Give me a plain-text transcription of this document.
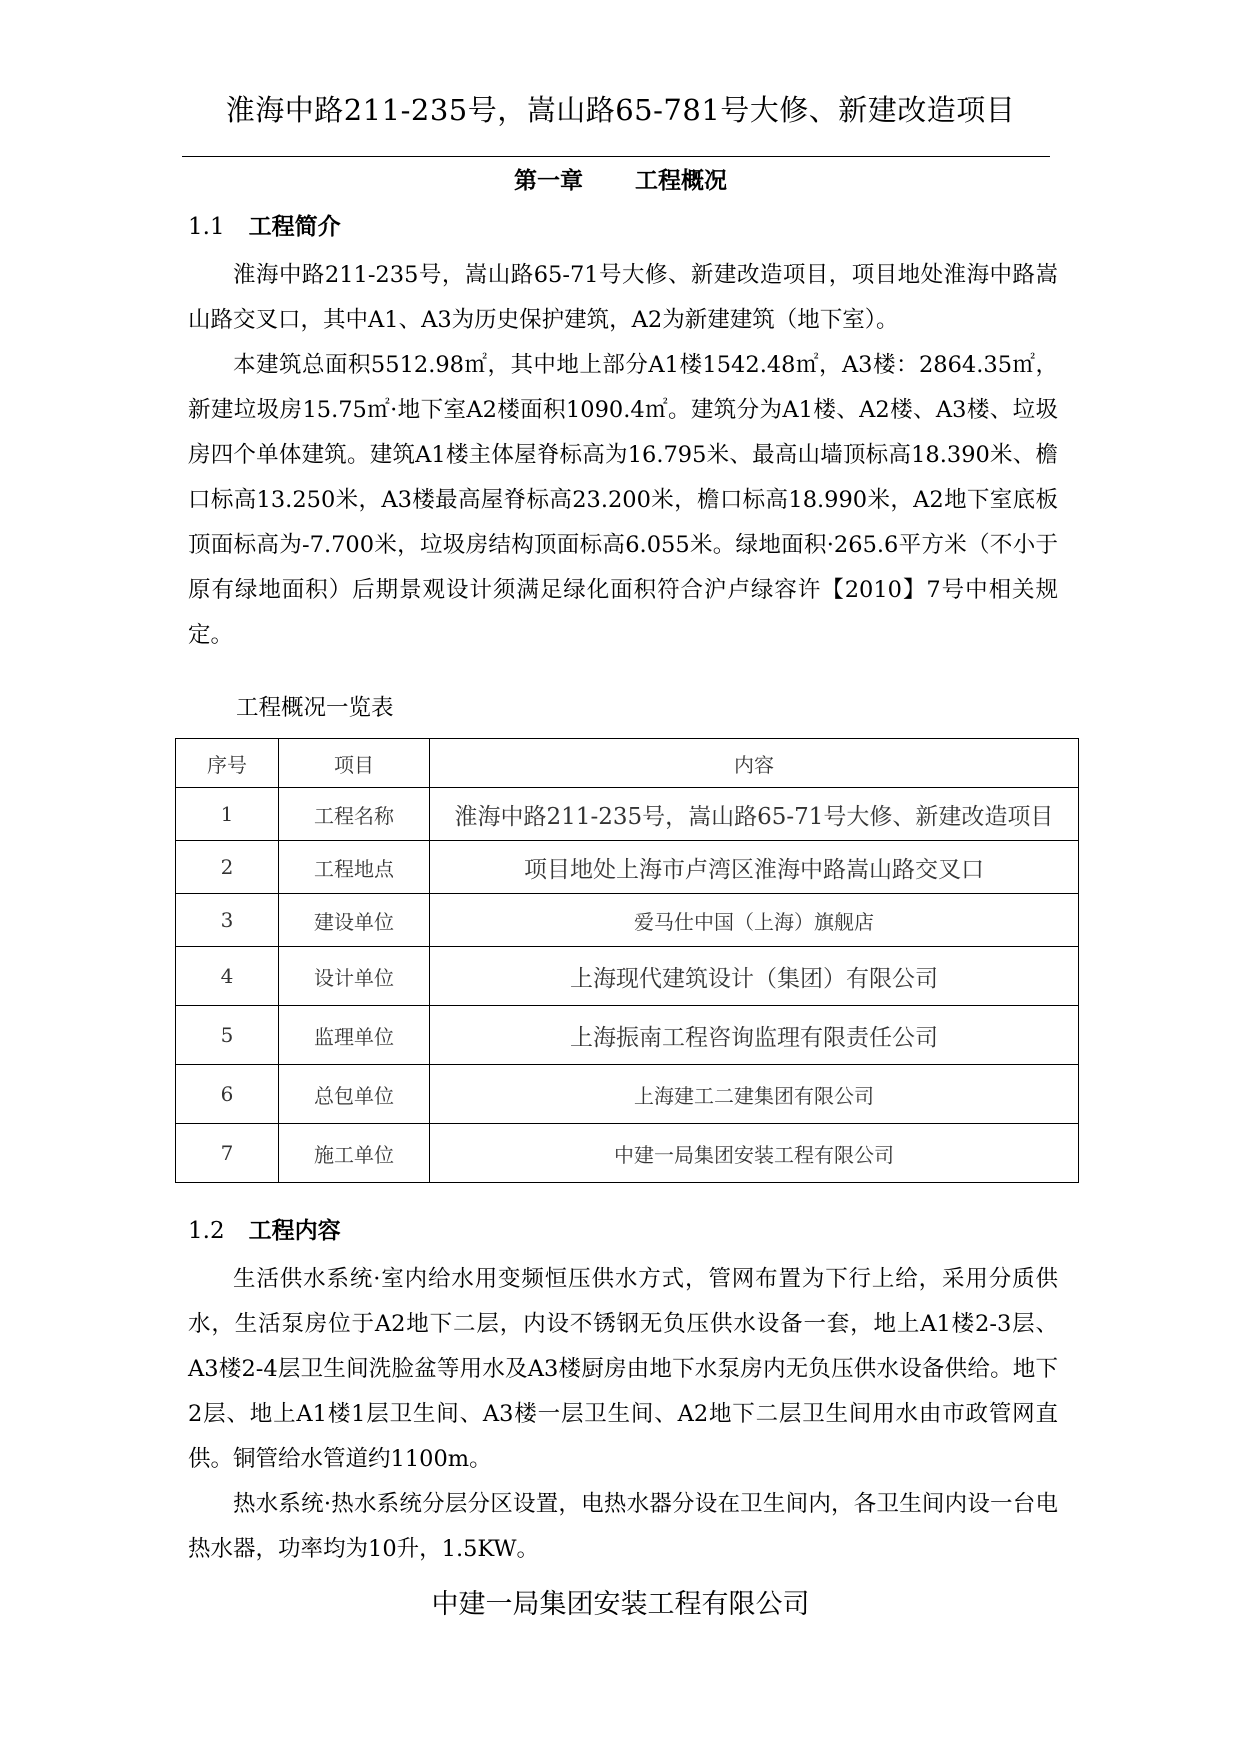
淮海中路211-235号，嵩山路65-781号大修、新建改造项目
第一章 工程概况
1.1 工程简介

淮海中路211-235号，嵩山路65-71号大修、新建改造项目，项目地处淮海中路嵩山路交叉口，其中A1、A3为历史保护建筑，A2为新建建筑（地下室）。

本建筑总面积5512.98㎡，其中地上部分A1楼1542.48㎡，A3楼：2864.35㎡，新建垃圾房15.75㎡·地下室A2楼面积1090.4㎡。建筑分为A1楼、A2楼、A3楼、垃圾房四个单体建筑。建筑A1楼主体屋脊标高为16.795米、最高山墙顶标高18.390米、檐口标高13.250米，A3楼最高屋脊标高23.200米，檐口标高18.990米，A2地下室底板顶面标高为-7.700米，垃圾房结构顶面标高6.055米。绿地面积·265.6平方米（不小于原有绿地面积）后期景观设计须满足绿化面积符合沪卢绿容许【2010】7号中相关规定。

工程概况一览表
序号	项目	内容
1	工程名称	淮海中路211-235号，嵩山路65-71号大修、新建改造项目
2	工程地点	项目地处上海市卢湾区淮海中路嵩山路交叉口
3	建设单位	爱马仕中国（上海）旗舰店
4	设计单位	上海现代建筑设计（集团）有限公司
5	监理单位	上海振南工程咨询监理有限责任公司
6	总包单位	上海建工二建集团有限公司
7	施工单位	中建一局集团安装工程有限公司
1.2 工程内容

生活供水系统·室内给水用变频恒压供水方式，管网布置为下行上给，采用分质供水，生活泵房位于A2地下二层，内设不锈钢无负压供水设备一套，地上A1楼2-3层、A3楼2-4层卫生间洗脸盆等用水及A3楼厨房由地下水泵房内无负压供水设备供给。地下2层、地上A1楼1层卫生间、A3楼一层卫生间、A2地下二层卫生间用水由市政管网直供。铜管给水管道约1100m。

热水系统·热水系统分层分区设置，电热水器分设在卫生间内，各卫生间内设一台电热水器，功率均为10升，1.5KW。

中建一局集团安装工程有限公司
